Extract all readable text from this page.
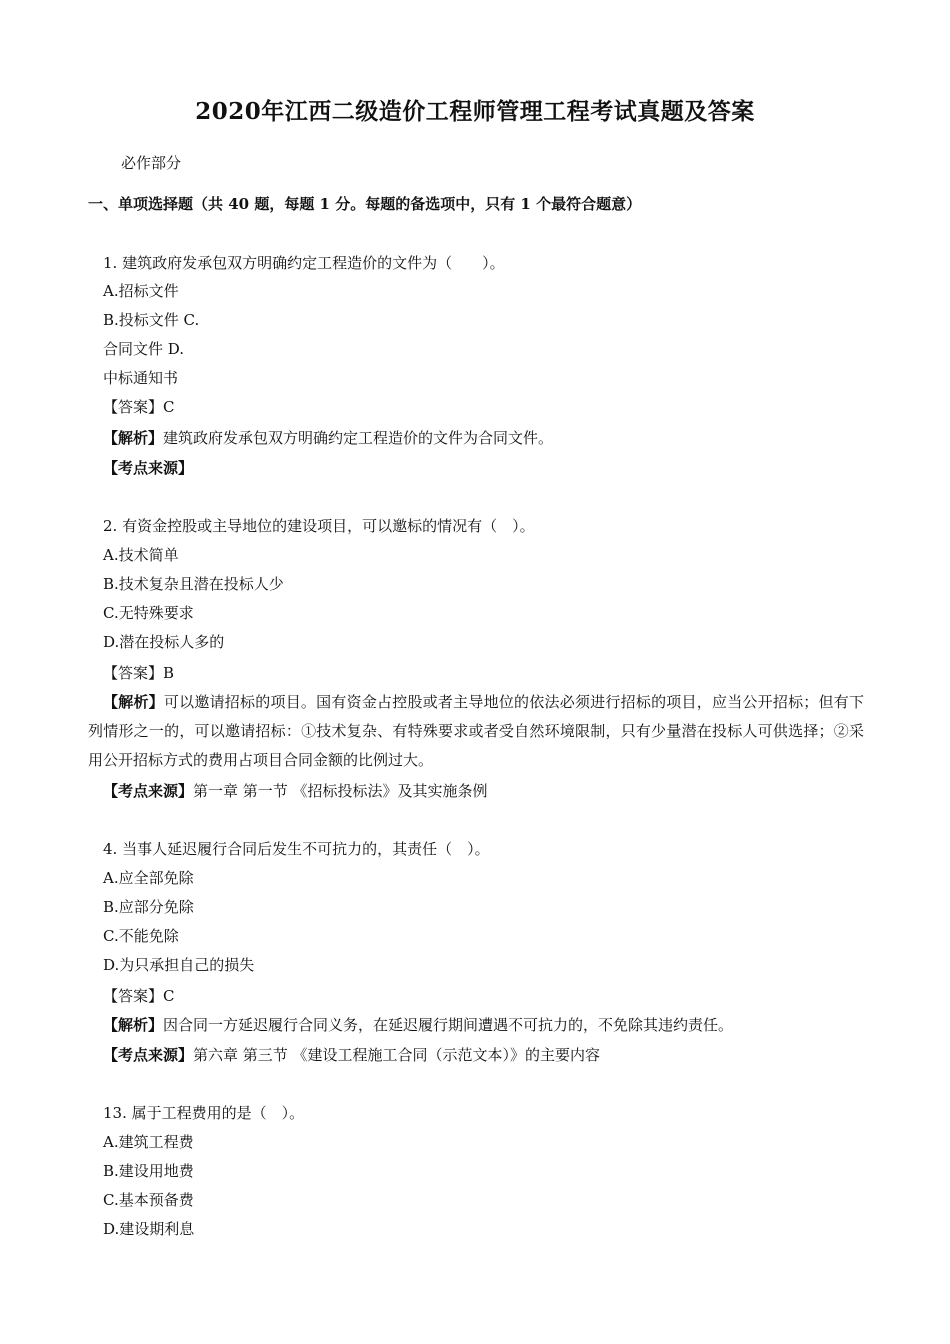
2020年江西二级造价工程师管理工程考试真题及答案
必作部分
一、单项选择题（共 40 题，每题 1 分。每题的备选项中，只有 1 个最符合题意）
1. 建筑政府发承包双方明确约定工程造价的文件为（　　）。
A.招标文件
B.投标文件 C.
合同文件 D.
中标通知书
【答案】C
【解析】建筑政府发承包双方明确约定工程造价的文件为合同文件。
【考点来源】
2. 有资金控股或主导地位的建设项目，可以邀标的情况有（　）。
A.技术简单
B.技术复杂且潜在投标人少
C.无特殊要求
D.潜在投标人多的
【答案】B
【解析】可以邀请招标的项目。国有资金占控股或者主导地位的依法必须进行招标的项目，应当公开招标；但有下列情形之一的，可以邀请招标：①技术复杂、有特殊要求或者受自然环境限制，只有少量潜在投标人可供选择；②采用公开招标方式的费用占项目合同金额的比例过大。
【考点来源】第一章 第一节 《招标投标法》及其实施条例
4. 当事人延迟履行合同后发生不可抗力的，其责任（　）。
A.应全部免除
B.应部分免除
C.不能免除
D.为只承担自己的损失
【答案】C
【解析】因合同一方延迟履行合同义务，在延迟履行期间遭遇不可抗力的，不免除其违约责任。
【考点来源】第六章 第三节 《建设工程施工合同（示范文本）》的主要内容
13. 属于工程费用的是（　）。
A.建筑工程费
B.建设用地费
C.基本预备费
D.建设期利息
